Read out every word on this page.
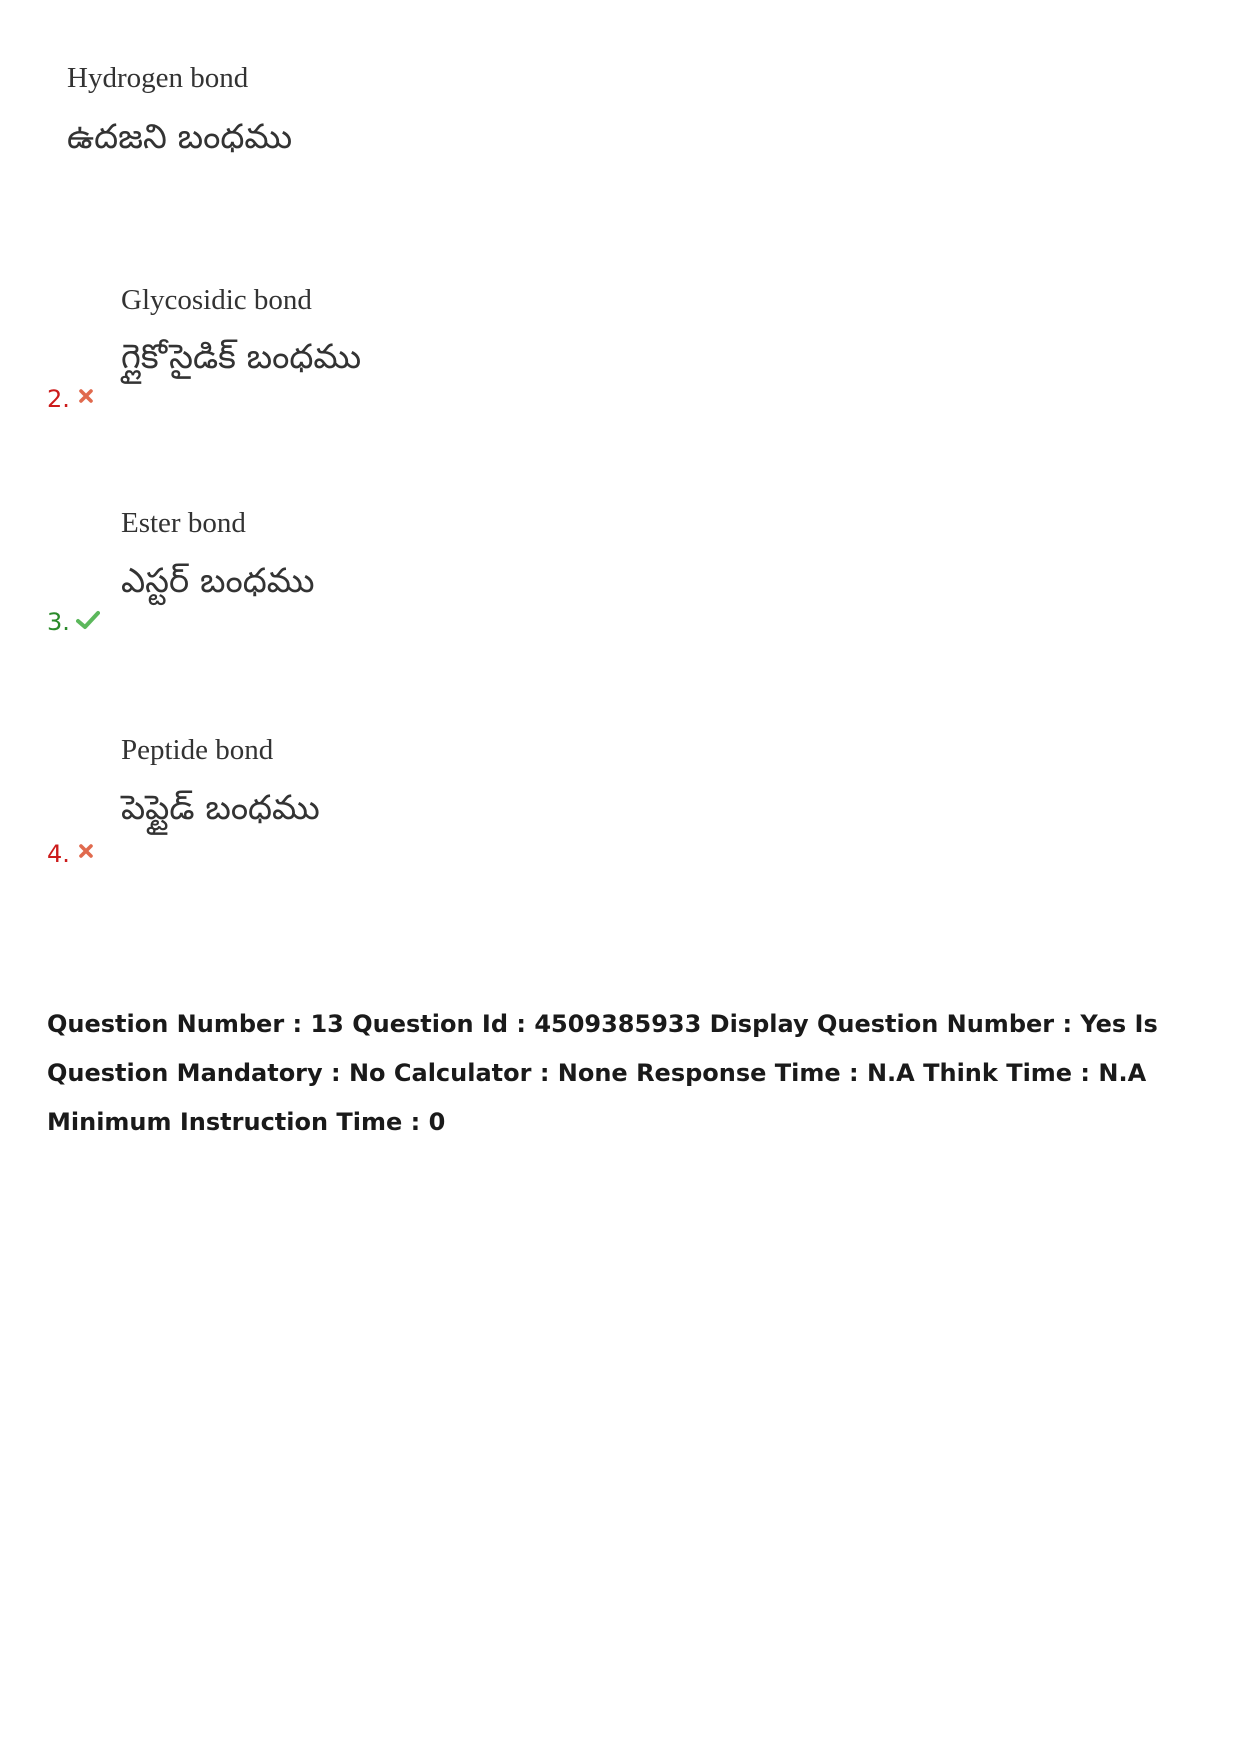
Hydrogen bond
ఉదజని బంధము
Glycosidic bond
గ్లైకోసైడిక్ బంధము
2.
Ester bond
ఎస్టర్ బంధము
3.
Peptide bond
పెప్టైడ్ బంధము
4.
Question Number : 13 Question Id : 4509385933 Display Question Number : Yes Is Question Mandatory : No Calculator : None Response Time : N.A Think Time : N.A Minimum Instruction Time : 0
